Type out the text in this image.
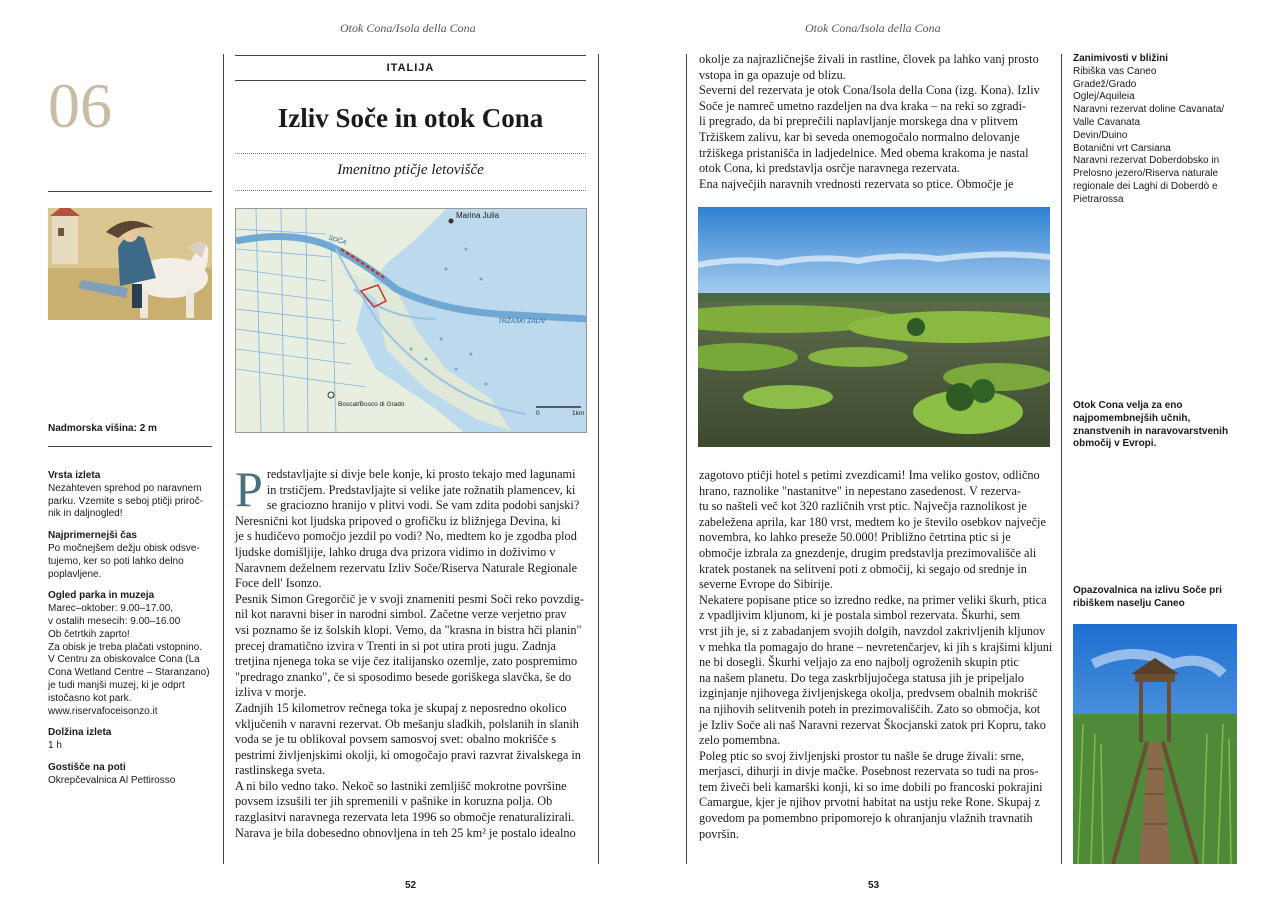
Otok Cona/Isola della Cona	Otok Cona/Isola della Cona
06
Nadmorska višina: 2 m
Vrsta izleta

Nezahteven sprehod po naravnem
parku. Vzemite s seboj ptičji priroč-
nik in daljnogled!

Najprimernejši čas

Po močnejšem dežju obisk odsve-
tujemo, ker so poti lahko delno
poplavljene.

Ogled parka in muzeja

Marec–oktober: 9.00–17.00,
v ostalih mesecih: 9.00–16.00
Ob četrtkih zaprto!
Za obisk je treba plačati vstopnino.
V Centru za obiskovalce Cona (La
Cona Wetland Centre – Staranzano)
je tudi manjši muzej, ki je odprt
istočasno kot park.
www.riservafoceisonzo.it

Dolžina izleta

1 h

Gostišče na poti

Okrepčevalnica Al Pettirosso

ITALIJA
Izliv Soče in otok Cona
Imenitno ptičje letovišče
Marina Julia
SOČA
TRŽAŠKI ZALIV
Boscat/Bosco di Grado
0	1km
P redstavljajte si divje bele konje, ki prosto tekajo med lagunami
in trstičjem. Predstavljajte si velike jate rožnatih plamencev, ki
se graciozno hranijo v plitvi vodi. Se vam zdita podobi sanjski?
Neresnični kot ljudska pripoved o grofičku iz bližnjega Devina, ki
je s hudičevo pomočjo jezdil po vodi? No, medtem ko je zgodba plod
ljudske domišljije, lahko druga dva prizora vidimo in doživimo v
Naravnem deželnem rezervatu Izliv Soče/Riserva Naturale Regionale
Foce dell' Isonzo.

Pesnik Simon Gregorčič je v svoji znameniti pesmi Soči reko povzdig-
nil kot naravni biser in narodni simbol. Začetne verze verjetno prav
vsi poznamo še iz šolskih klopi. Vemo, da "krasna in bistra hči planin"
precej dramatično izvira v Trenti in si pot utira proti jugu. Zadnja
tretjina njenega toka se vije čez italijansko ozemlje, zato pospremimo
"predrago znanko", če si sposodimo besede goriškega slavčka, še do
izliva v morje.
Zadnjih 15 kilometrov rečnega toka je skupaj z neposredno okolico
vključenih v naravni rezervat. Ob mešanju sladkih, polslanih in slanih
voda se je tu oblikoval povsem samosvoj svet: obalno mokrišče s
pestrimi življenjskimi okolji, ki omogočajo pravi razvrat živalskega in
rastlinskega sveta.
A ni bilo vedno tako. Nekoč so lastniki zemljišč mokrotne površine
povsem izsušili ter jih spremenili v pašnike in koruzna polja. Ob
razglasitvi naravnega rezervata leta 1996 so območje renaturalizirali.
Narava je bila dobesedno obnovljena in teh 25 km² je postalo idealno

okolje za najrazličnejše živali in rastline, človek pa lahko vanj prosto
vstopa in ga opazuje od blizu.
Severni del rezervata je otok Cona/Isola della Cona (izg. Kona). Izliv
Soče je namreč umetno razdeljen na dva kraka – na reki so zgradi-
li pregrado, da bi preprečili naplavljanje morskega dna v plitvem
Tržiškem zalivu, kar bi seveda onemogočalo normalno delovanje
tržiškega pristanišča in ladjedelnice. Med obema krakoma je nastal
otok Cona, ki predstavlja osrčje naravnega rezervata.
Ena največjih naravnih vrednosti rezervata so ptice. Območje je

zagotovo ptičji hotel s petimi zvezdicami! Ima veliko gostov, odlično
hrano, raznolike "nastanitve" in nepestano zasedenost. V rezerva-
tu so našteli več kot 320 različnih vrst ptic. Največja raznolikost je
zabeležena aprila, kar 180 vrst, medtem ko je število osebkov največje
novembra, ko lahko preseže 50.000! Približno četrtina ptic si je
območje izbrala za gnezdenje, drugim predstavlja prezimovališče ali
kratek postanek na selitveni poti z območij, ki segajo od srednje in
severne Evrope do Sibirije.
Nekatere popisane ptice so izredno redke, na primer veliki škurh, ptica
z vpadljivim kljunom, ki je postala simbol rezervata. Škurhi, sem
vrst jih je, si z zabadanjem svojih dolgih, navzdol zakrivljenih kljunov
v mehka tla pomagajo do hrane – nevretenčarjev, ki jih s krajšimi kljuni
ne bi dosegli. Škurhi veljajo za eno najbolj ogroženih skupin ptic
na našem planetu. Do tega zaskrbljujočega statusa jih je pripeljalo
izginjanje njihovega življenjskega okolja, predvsem obalnih mokrišč
na njihovih selitvenih poteh in prezimovališčih. Zato so območja, kot
je Izliv Soče ali naš Naravni rezervat Škocjanski zatok pri Kopru, tako
zelo pomembna.
Poleg ptic so svoj življenjski prostor tu našle še druge živali: srne,
merjasci, dihurji in divje mačke. Posebnost rezervata so tudi na pros-
tem živeči beli kamarški konji, ki so ime dobili po francoski pokrajini
Camargue, kjer je njihov prvotni habitat na ustju reke Rone. Skupaj z
govedom pa pomembno pripomorejo k ohranjanju vlažnih travnatih
površin.

Zanimivosti v bližini

Ribiška vas Caneo
Gradež/Grado
Oglej/Aquileia
Naravni rezervat doline Cavanata/
Valle Cavanata
Devin/Duino
Botanični vrt Carsiana
Naravni rezervat Doberdobsko in
Prelosno jezero/Riserva naturale
regionale dei Laghi di Doberdò e
Pietrarossa

Otok Cona velja za eno
najpomembnejših učnih,
znanstvenih in naravovarstvenih
območij v Evropi.

Opazovalnica na izlivu Soče pri
ribiškem naselju Caneo

52	53
